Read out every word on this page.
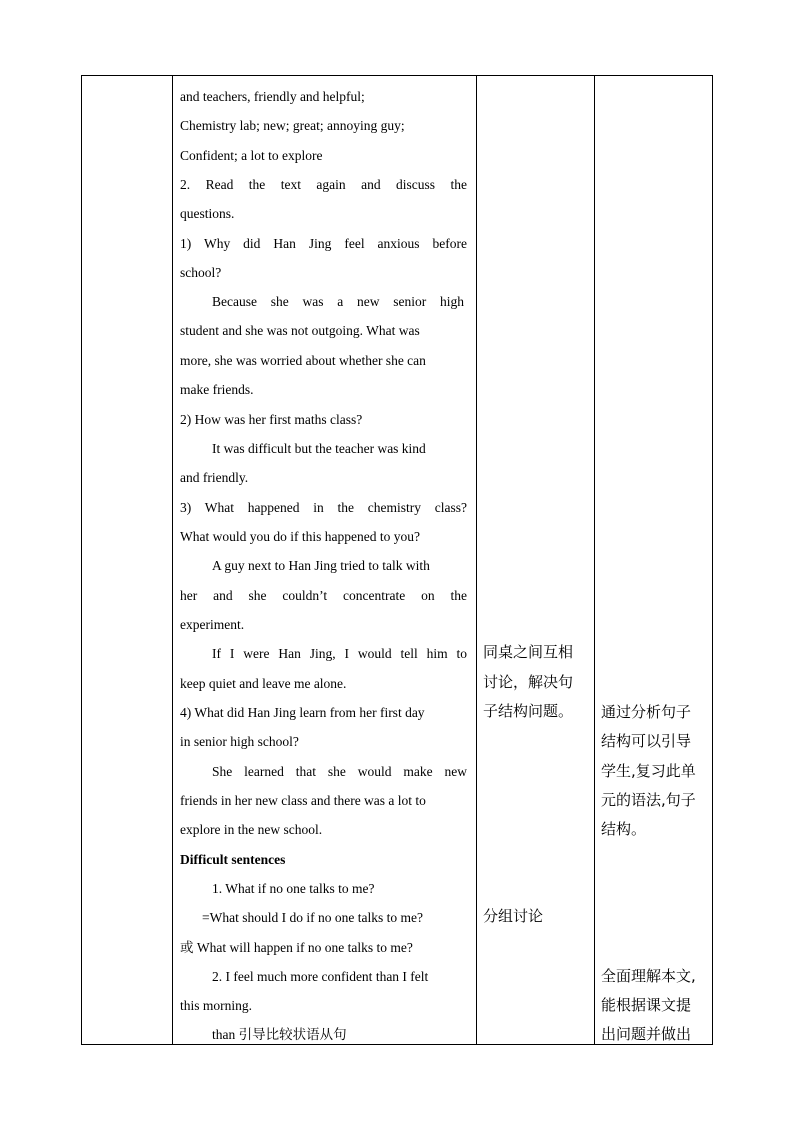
and teachers, friendly and helpful;
Chemistry lab; new; great; annoying guy;
Confident; a lot to explore
2. Read the text again and discuss the
questions.
1) Why did Han Jing feel anxious before
school?
Because she was a new senior high
student and she was not outgoing. What was
more, she was worried about whether she can
make friends.
2) How was her first maths class?
It was difficult but the teacher was kind
and friendly.
3) What happened in the chemistry class?
What would you do if this happened to you?
A guy next to Han Jing tried to talk with
her and she couldn’t concentrate on the
experiment.
If I were Han Jing, I would tell him to
keep quiet and leave me alone.
4) What did Han Jing learn from her first day
in senior high school?
She learned that she would make new
friends in her new class and there was a lot to
explore in the new school.
Difficult sentences
1. What if no one talks to me?
=What should I do if no one talks to me?
或 What will happen if no one talks to me?
2. I feel much more confident than I felt
this morning.
than 引导比较状语从句
同桌之间互相
讨论，解决句
子结构问题。
分组讨论
通过分析句子
结构可以引导
学生,复习此单
元的语法,句子
结构。
全面理解本文,
能根据课文提
出问题并做出
